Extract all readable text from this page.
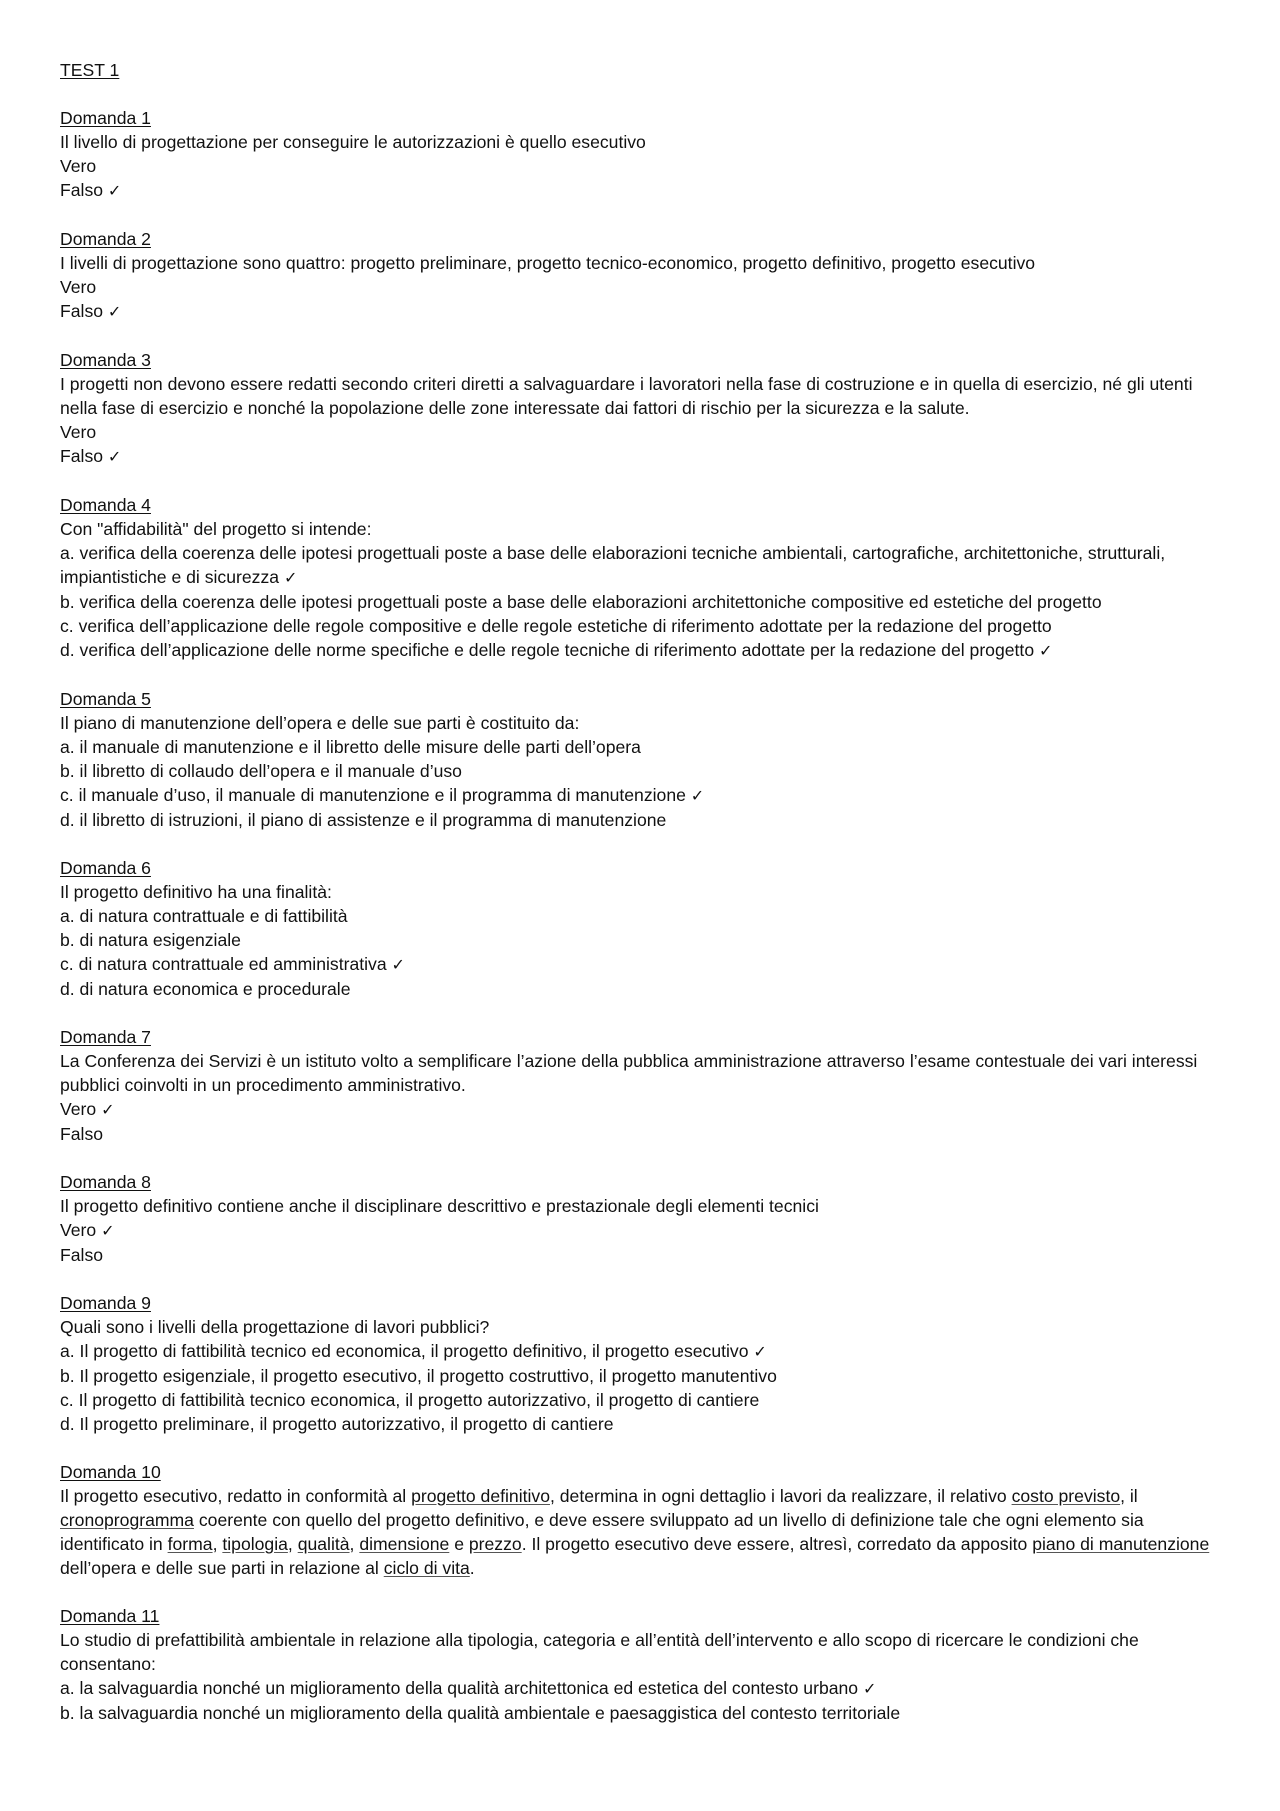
TEST 1
Domanda 1
Il livello di progettazione per conseguire le autorizzazioni è quello esecutivo
Vero
Falso ✓
Domanda 2
I livelli di progettazione sono quattro: progetto preliminare, progetto tecnico-economico, progetto definitivo, progetto esecutivo
Vero
Falso ✓
Domanda 3
I progetti non devono essere redatti secondo criteri diretti a salvaguardare i lavoratori nella fase di costruzione e in quella di esercizio, né gli utenti nella fase di esercizio e nonché la popolazione delle zone interessate dai fattori di rischio per la sicurezza e la salute.
Vero
Falso ✓
Domanda 4
Con "affidabilità" del progetto si intende:
a. verifica della coerenza delle ipotesi progettuali poste a base delle elaborazioni tecniche ambientali, cartografiche, architettoniche, strutturali, impiantistiche e di sicurezza ✓
b. verifica della coerenza delle ipotesi progettuali poste a base delle elaborazioni architettoniche compositive ed estetiche del progetto
c. verifica dell’applicazione delle regole compositive e delle regole estetiche di riferimento adottate per la redazione del progetto
d. verifica dell’applicazione delle norme specifiche e delle regole tecniche di riferimento adottate per la redazione del progetto ✓
Domanda 5
Il piano di manutenzione dell’opera e delle sue parti è costituito da:
a. il manuale di manutenzione e il libretto delle misure delle parti dell’opera
b. il libretto di collaudo dell’opera e il manuale d’uso
c. il manuale d’uso, il manuale di manutenzione e il programma di manutenzione ✓
d. il libretto di istruzioni, il piano di assistenze e il programma di manutenzione
Domanda 6
Il progetto definitivo ha una finalità:
a. di natura contrattuale e di fattibilità
b. di natura esigenziale
c. di natura contrattuale ed amministrativa ✓
d. di natura economica e procedurale
Domanda 7
La Conferenza dei Servizi è un istituto volto a semplificare l’azione della pubblica amministrazione attraverso l’esame contestuale dei vari interessi pubblici coinvolti in un procedimento amministrativo.
Vero ✓
Falso
Domanda 8
Il progetto definitivo contiene anche il disciplinare descrittivo e prestazionale degli elementi tecnici
Vero ✓
Falso
Domanda 9
Quali sono i livelli della progettazione di lavori pubblici?
a. Il progetto di fattibilità tecnico ed economica, il progetto definitivo, il progetto esecutivo ✓
b. Il progetto esigenziale, il progetto esecutivo, il progetto costruttivo, il progetto manutentivo
c. Il progetto di fattibilità tecnico economica, il progetto autorizzativo, il progetto di cantiere
d. Il progetto preliminare, il progetto autorizzativo, il progetto di cantiere
Domanda 10
Il progetto esecutivo, redatto in conformità al progetto definitivo, determina in ogni dettaglio i lavori da realizzare, il relativo costo previsto, il cronoprogramma coerente con quello del progetto definitivo, e deve essere sviluppato ad un livello di definizione tale che ogni elemento sia identificato in forma, tipologia, qualità, dimensione e prezzo. Il progetto esecutivo deve essere, altresì, corredato da apposito piano di manutenzione dell’opera e delle sue parti in relazione al ciclo di vita.
Domanda 11
Lo studio di prefattibilità ambientale in relazione alla tipologia, categoria e all’entità dell’intervento e allo scopo di ricercare le condizioni che consentano:
a. la salvaguardia nonché un miglioramento della qualità architettonica ed estetica del contesto urbano ✓
b. la salvaguardia nonché un miglioramento della qualità ambientale e paesaggistica del contesto territoriale
